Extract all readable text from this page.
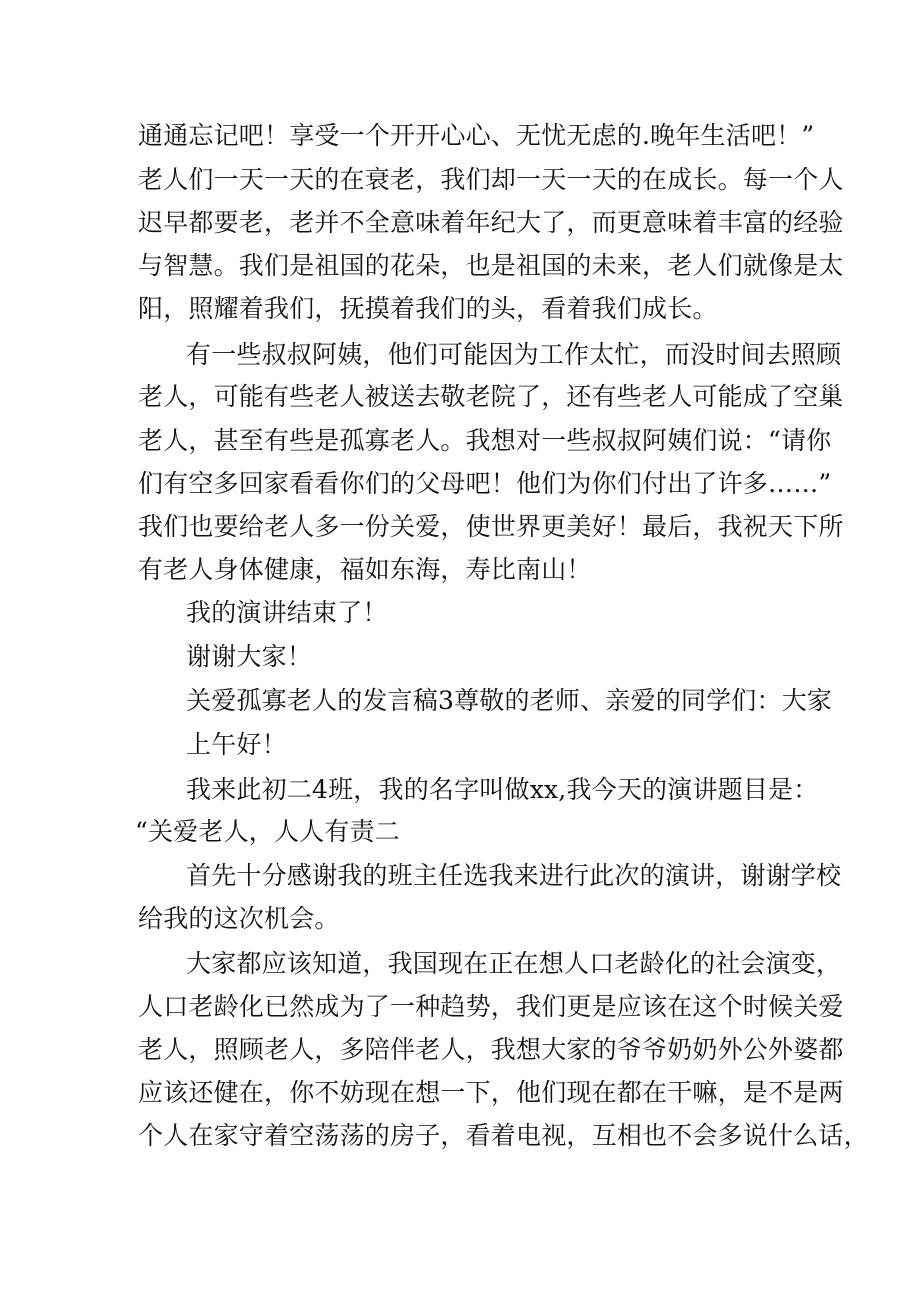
通通忘记吧！享受一个开开心心、无忧无虑的.晚年生活吧！”
老人们一天一天的在衰老，我们却一天一天的在成长。每一个人
迟早都要老，老并不全意味着年纪大了，而更意味着丰富的经验
与智慧。我们是祖国的花朵，也是祖国的未来，老人们就像是太
阳，照耀着我们，抚摸着我们的头，看着我们成长。
有一些叔叔阿姨，他们可能因为工作太忙，而没时间去照顾
老人，可能有些老人被送去敬老院了，还有些老人可能成了空巢
老人，甚至有些是孤寡老人。我想对一些叔叔阿姨们说：“请你
们有空多回家看看你们的父母吧！他们为你们付出了许多……”
我们也要给老人多一份关爱，使世界更美好！最后，我祝天下所
有老人身体健康，福如东海，寿比南山！
我的演讲结束了！
谢谢大家！
关爱孤寡老人的发言稿3尊敬的老师、亲爱的同学们：大家
上午好！
我来此初二4班，我的名字叫做xx,我今天的演讲题目是：
“关爱老人，人人有责二
首先十分感谢我的班主任选我来进行此次的演讲，谢谢学校
给我的这次机会。
大家都应该知道，我国现在正在想人口老龄化的社会演变，
人口老龄化已然成为了一种趋势，我们更是应该在这个时候关爱
老人，照顾老人，多陪伴老人，我想大家的爷爷奶奶外公外婆都
应该还健在，你不妨现在想一下，他们现在都在干嘛，是不是两
个人在家守着空荡荡的房子，看着电视，互相也不会多说什么话，
